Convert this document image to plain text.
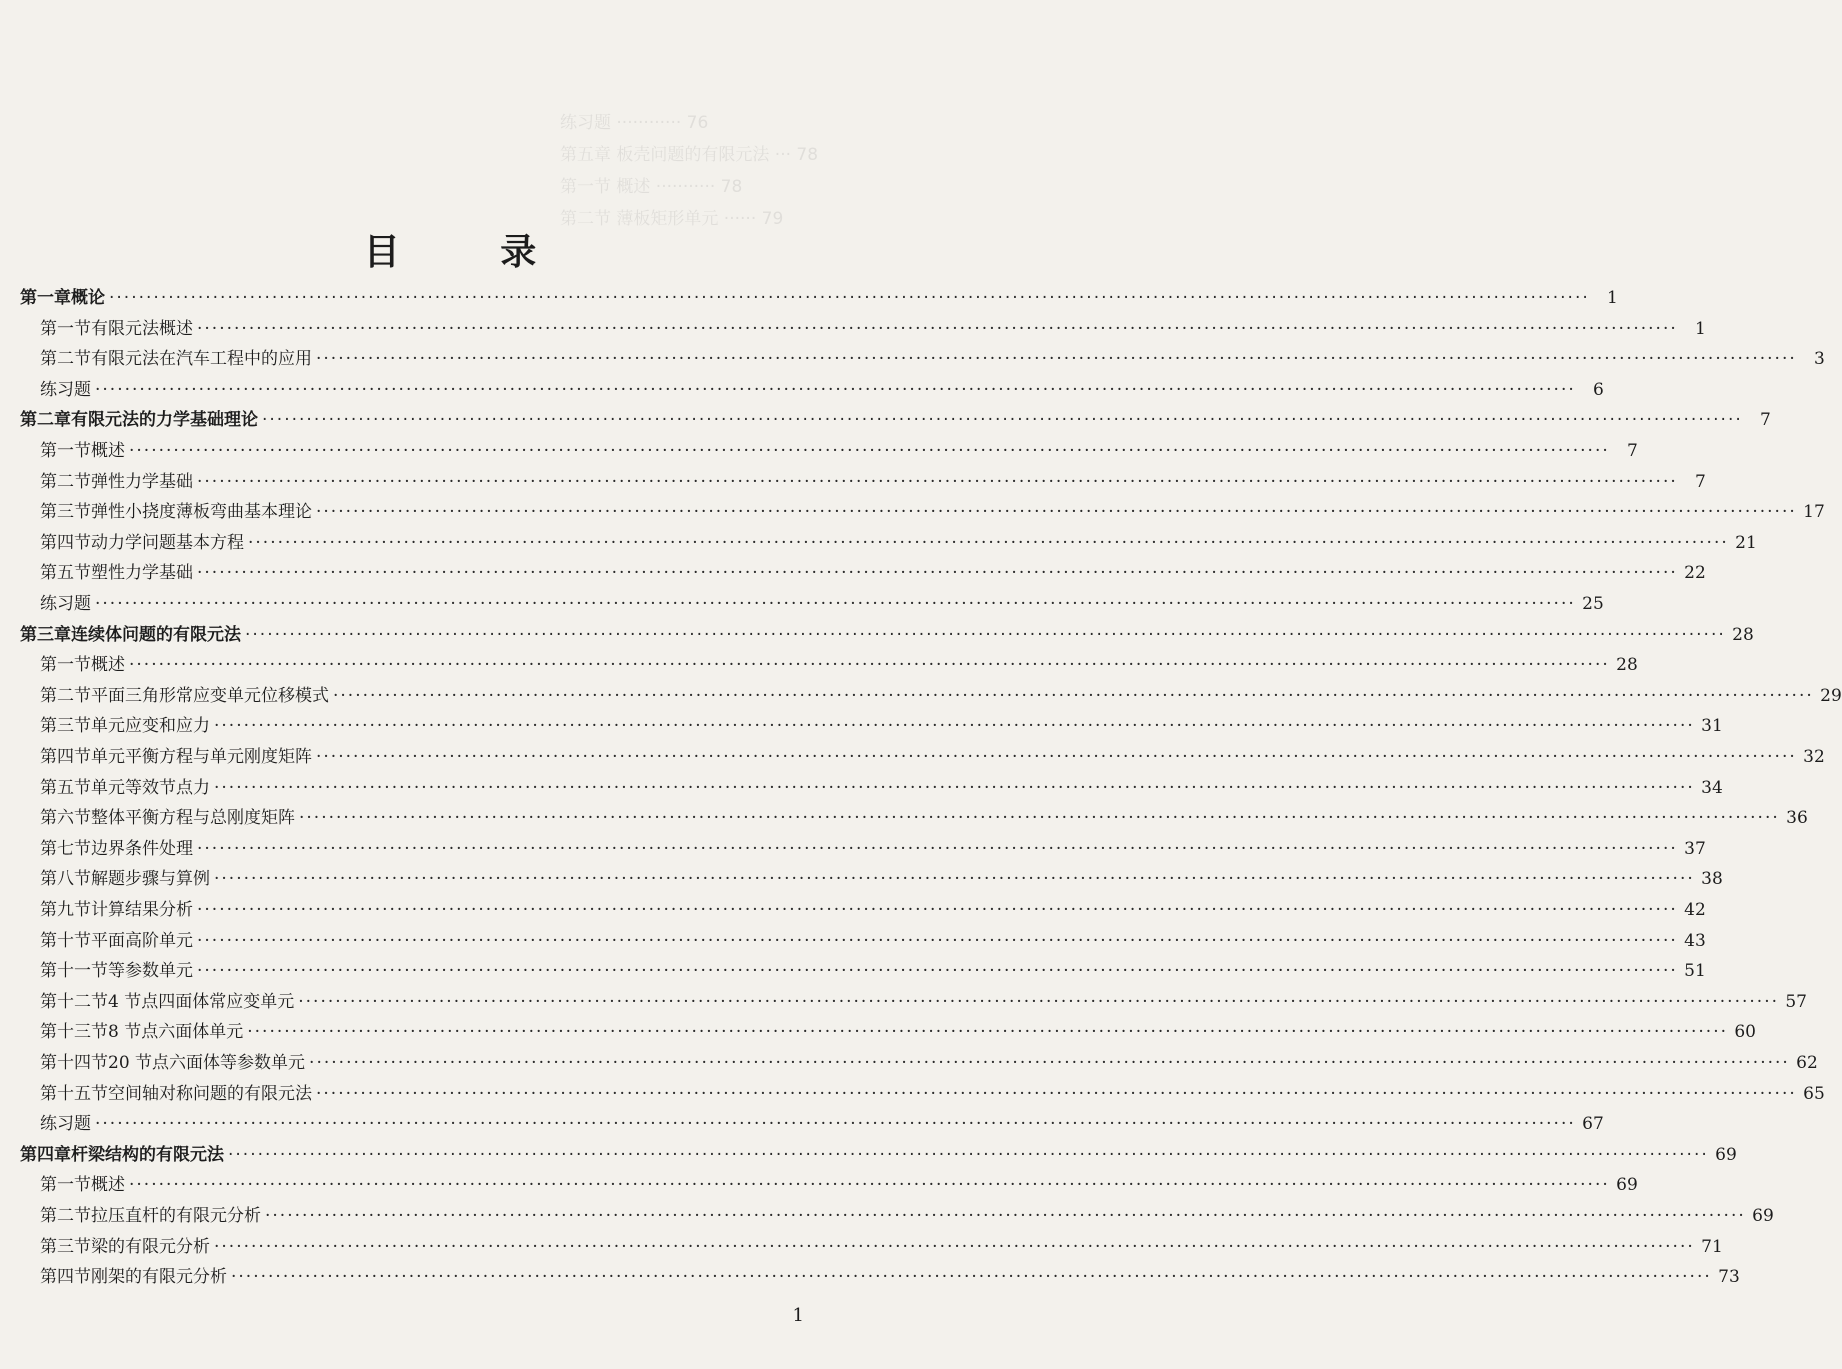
练习题 ············ 76
第五章 板壳问题的有限元法 ··· 78
第一节 概述 ··········· 78
第二节 薄板矩形单元 ······ 79
目 录
第一章 概论 ········································································································································································································	1
第一节 有限元法概述 ········································································································································································································	1
第二节 有限元法在汽车工程中的应用 ········································································································································································································	3
练习题 ········································································································································································································	6
第二章 有限元法的力学基础理论 ········································································································································································································	7
第一节 概述 ········································································································································································································	7
第二节 弹性力学基础 ········································································································································································································	7
第三节 弹性小挠度薄板弯曲基本理论 ········································································································································································································ 17
第四节 动力学问题基本方程 ········································································································································································································ 21
第五节 塑性力学基础 ········································································································································································································ 22
练习题 ········································································································································································································ 25
第三章 连续体问题的有限元法 ········································································································································································································ 28
第一节 概述 ········································································································································································································ 28
第二节 平面三角形常应变单元位移模式 ········································································································································································································ 29
第三节 单元应变和应力 ········································································································································································································ 31
第四节 单元平衡方程与单元刚度矩阵 ········································································································································································································ 32
第五节 单元等效节点力 ········································································································································································································ 34
第六节 整体平衡方程与总刚度矩阵 ········································································································································································································ 36
第七节 边界条件处理 ········································································································································································································ 37
第八节 解题步骤与算例 ········································································································································································································ 38
第九节 计算结果分析 ········································································································································································································ 42
第十节 平面高阶单元 ········································································································································································································ 43
第十一节 等参数单元 ········································································································································································································ 51
第十二节 4 节点四面体常应变单元 ········································································································································································································ 57
第十三节 8 节点六面体单元 ········································································································································································································ 60
第十四节 20 节点六面体等参数单元 ········································································································································································································ 62
第十五节 空间轴对称问题的有限元法 ········································································································································································································ 65
练习题 ········································································································································································································ 67
第四章 杆梁结构的有限元法 ········································································································································································································ 69
第一节 概述 ········································································································································································································ 69
第二节 拉压直杆的有限元分析 ········································································································································································································ 69
第三节 梁的有限元分析 ········································································································································································································ 71
第四节 刚架的有限元分析 ········································································································································································································ 73
1
